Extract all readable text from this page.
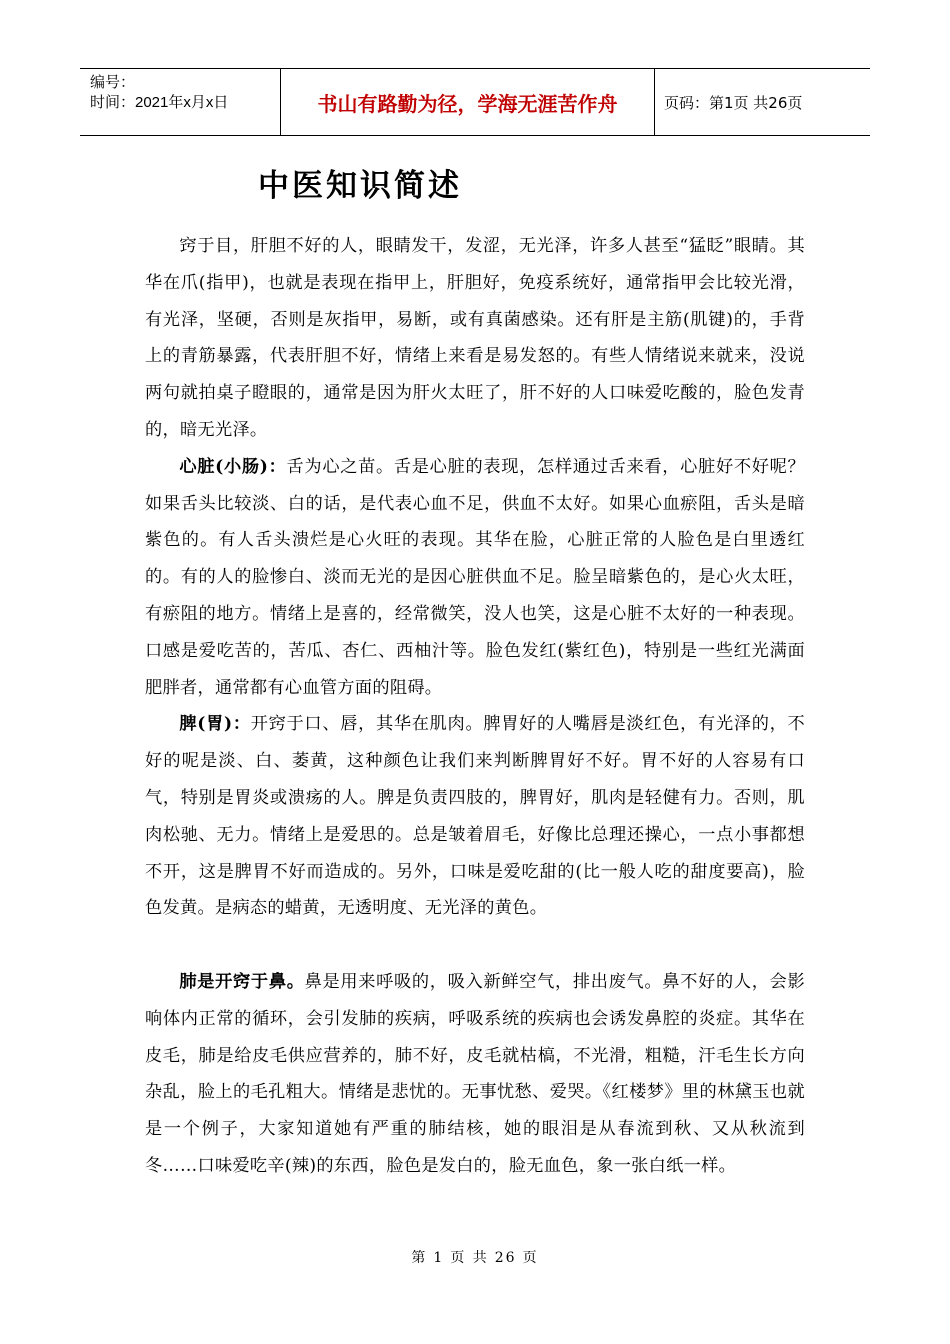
编号：
时间：2021年x月x日	书山有路勤为径，学海无涯苦作舟	页码：第1页 共26页
中医知识简述

窍于目，肝胆不好的人，眼睛发干，发涩，无光泽，许多人甚至“猛眨”眼睛。其华在爪(指甲)，也就是表现在指甲上，肝胆好，免疫系统好，通常指甲会比较光滑，有光泽，坚硬，否则是灰指甲，易断，或有真菌感染。还有肝是主筋(肌键)的，手背上的青筋暴露，代表肝胆不好，情绪上来看是易发怒的。有些人情绪说来就来，没说两句就拍桌子瞪眼的，通常是因为肝火太旺了，肝不好的人口味爱吃酸的，脸色发青的，暗无光泽。

心脏(小肠)：舌为心之苗。舌是心脏的表现，怎样通过舌来看，心脏好不好呢？如果舌头比较淡、白的话，是代表心血不足，供血不太好。如果心血瘀阻，舌头是暗紫色的。有人舌头溃烂是心火旺的表现。其华在脸，心脏正常的人脸色是白里透红的。有的人的脸惨白、淡而无光的是因心脏供血不足。脸呈暗紫色的，是心火太旺，有瘀阻的地方。情绪上是喜的，经常微笑，没人也笑，这是心脏不太好的一种表现。口感是爱吃苦的，苦瓜、杏仁、西柚汁等。脸色发红(紫红色)，特别是一些红光满面肥胖者，通常都有心血管方面的阻碍。

脾(胃)：开窍于口、唇，其华在肌肉。脾胃好的人嘴唇是淡红色，有光泽的，不好的呢是淡、白、萎黄，这种颜色让我们来判断脾胃好不好。胃不好的人容易有口气，特别是胃炎或溃疡的人。脾是负责四肢的，脾胃好，肌肉是轻健有力。否则，肌肉松驰、无力。情绪上是爱思的。总是皱着眉毛，好像比总理还操心，一点小事都想不开，这是脾胃不好而造成的。另外，口味是爱吃甜的(比一般人吃的甜度要高)，脸色发黄。是病态的蜡黄，无透明度、无光泽的黄色。

肺是开窍于鼻。鼻是用来呼吸的，吸入新鲜空气，排出废气。鼻不好的人，会影响体内正常的循环，会引发肺的疾病，呼吸系统的疾病也会诱发鼻腔的炎症。其华在皮毛，肺是给皮毛供应营养的，肺不好，皮毛就枯槁，不光滑，粗糙，汗毛生长方向杂乱，脸上的毛孔粗大。情绪是悲忧的。无事忧愁、爱哭。《红楼梦》里的林黛玉也就是一个例子，大家知道她有严重的肺结核，她的眼泪是从春流到秋、又从秋流到冬……口味爱吃辛(辣)的东西，脸色是发白的，脸无血色，象一张白纸一样。

第 1 页 共 26 页
